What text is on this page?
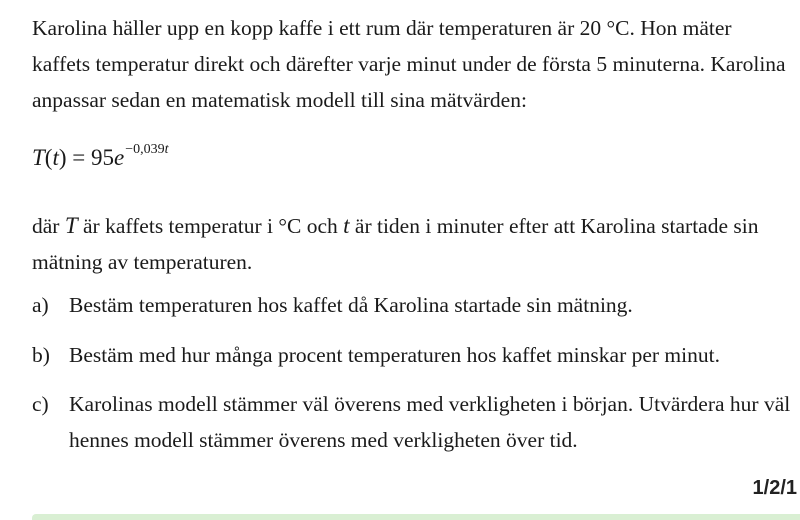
Karolina häller upp en kopp kaffe i ett rum där temperaturen är 20 °C. Hon mäter kaffets temperatur direkt och därefter varje minut under de första 5 minuterna. Karolina anpassar sedan en matematisk modell till sina mätvärden:

$T(t) = 95e^{-0,039t}$

där T är kaffets temperatur i °C och t är tiden i minuter efter att Karolina startade sin mätning av temperaturen.

a) Bestäm temperaturen hos kaffet då Karolina startade sin mätning.
b) Bestäm med hur många procent temperaturen hos kaffet minskar per minut.
c) Karolinas modell stämmer väl överens med verkligheten i början. Utvärdera hur väl hennes modell stämmer överens med verkligheten över tid.
1/2/1
